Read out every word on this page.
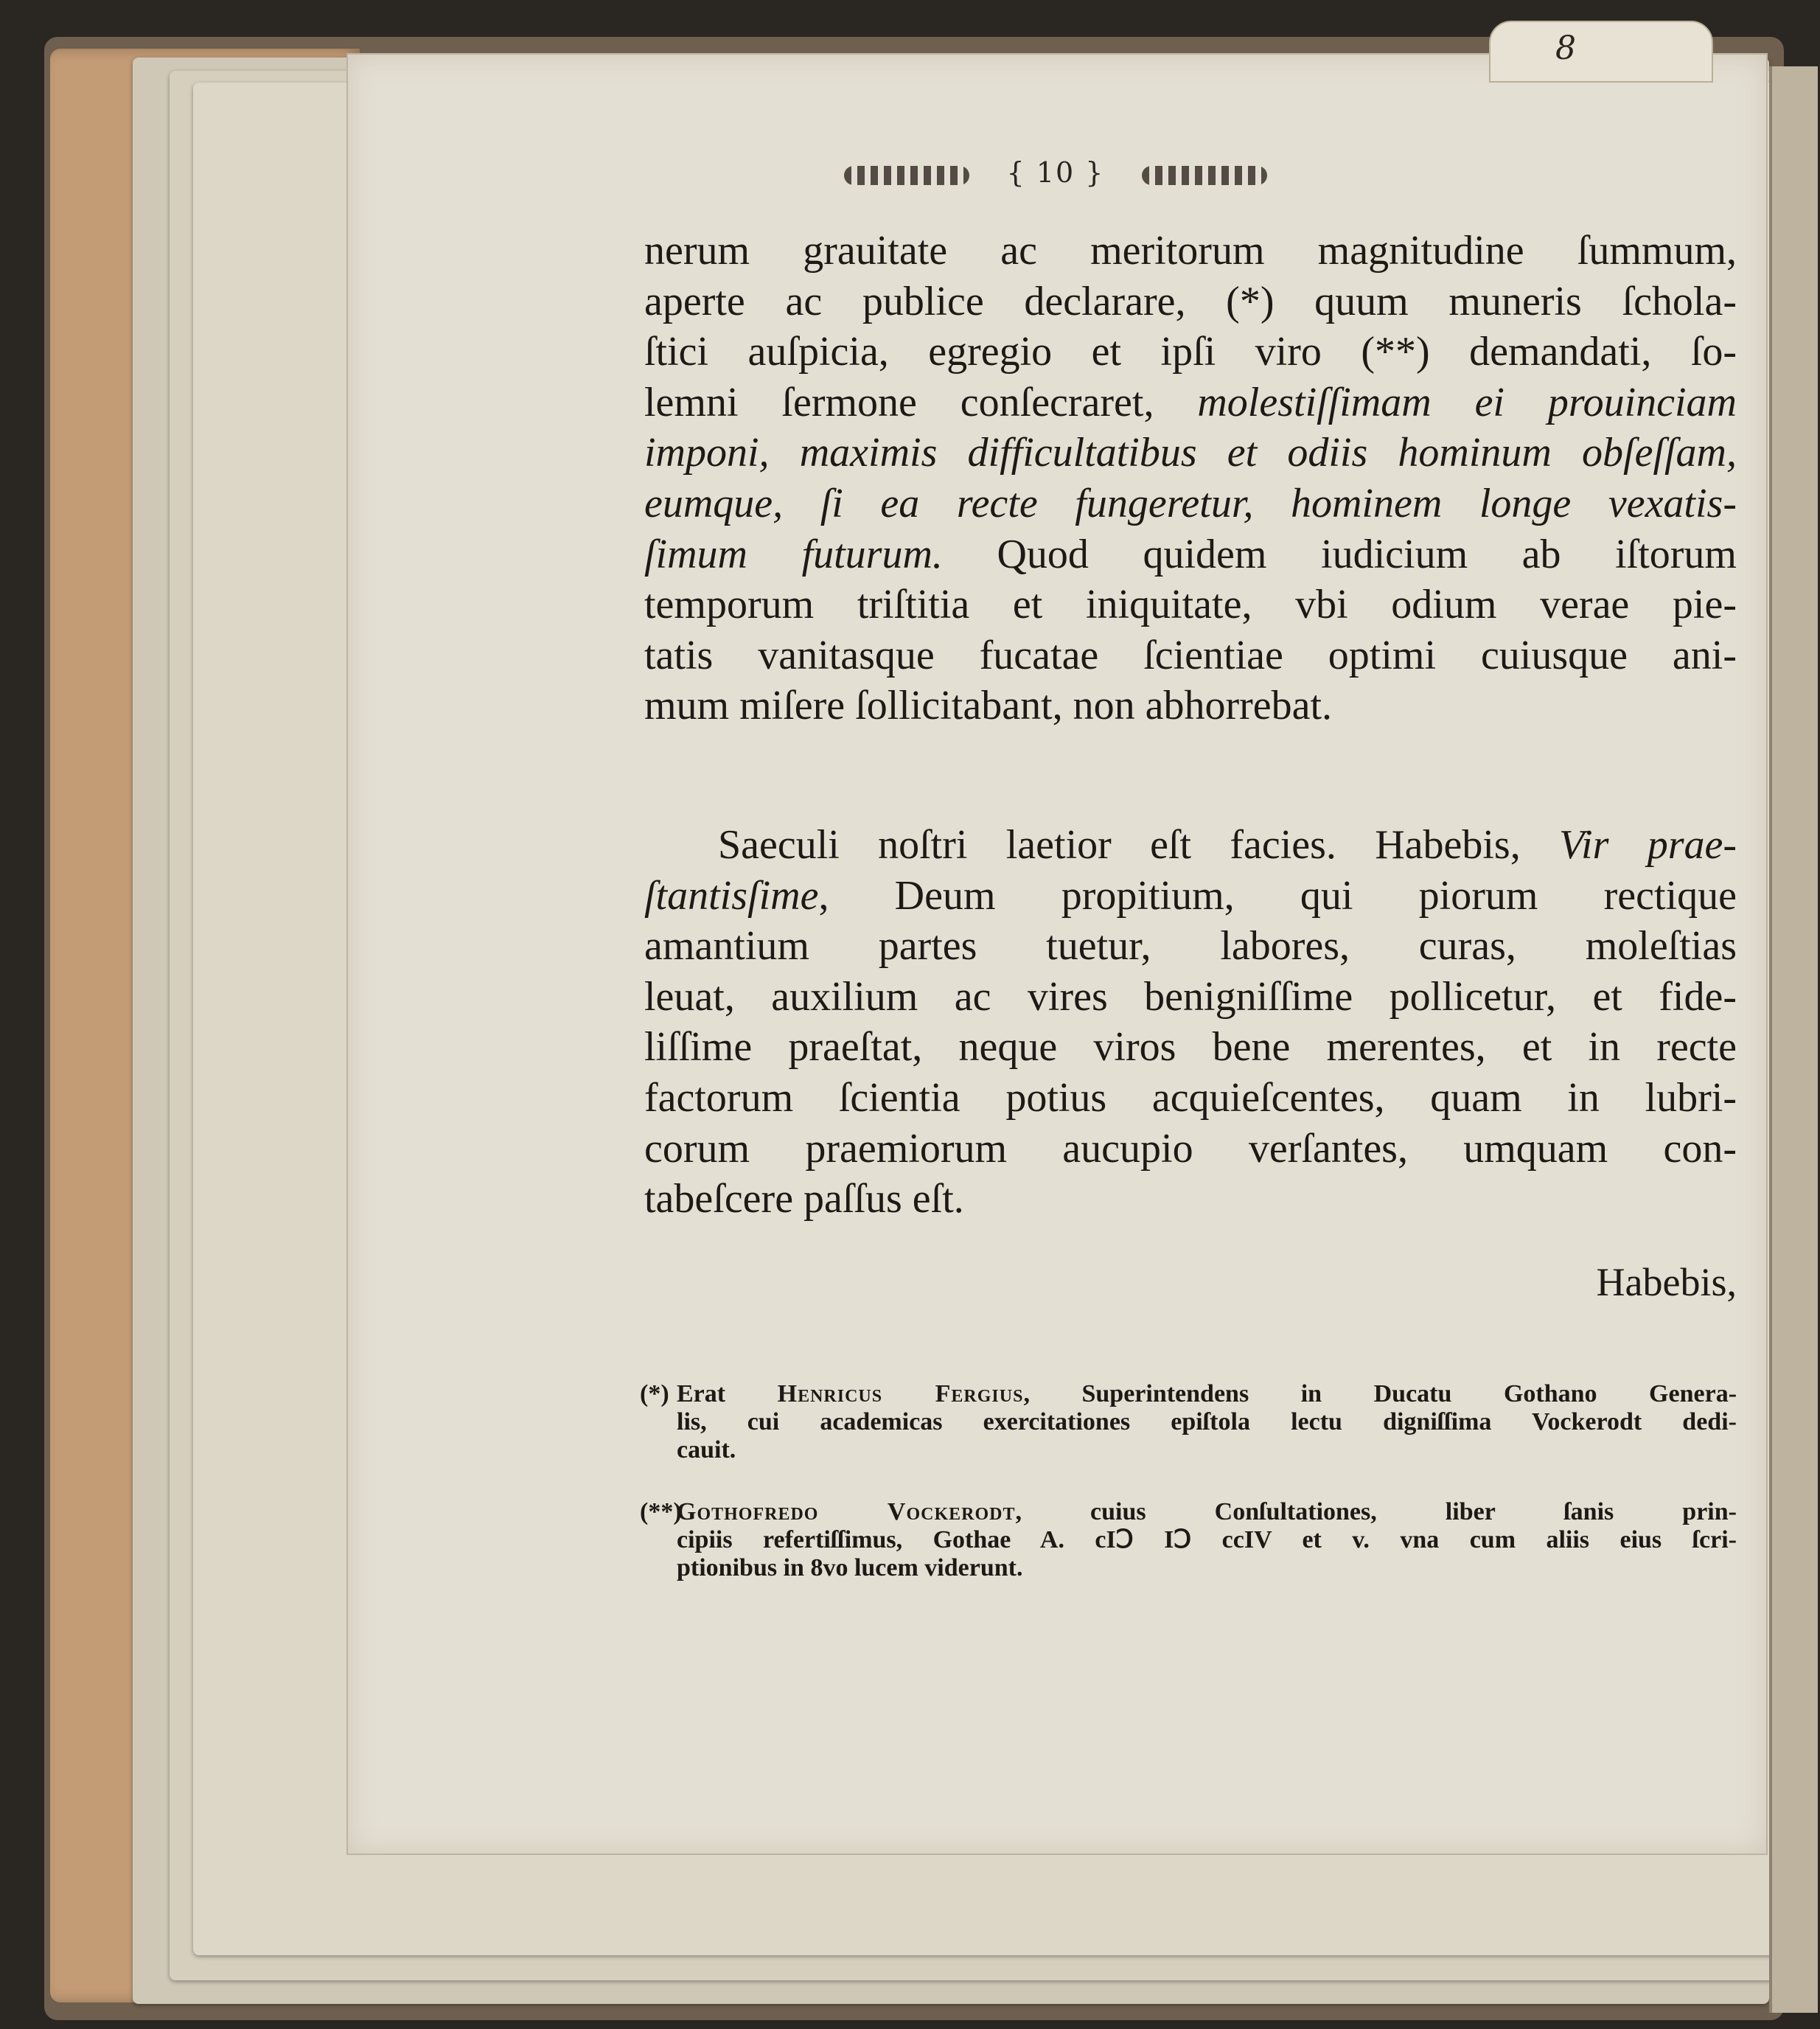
8
{ 10 }
nerum grauitate ac meritorum magnitudine ſummum,
aperte ac publice declarare, (*) quum muneris ſchola-
ſtici auſpicia, egregio et ipſi viro (**) demandati, ſo-
lemni ſermone conſecraret, molestiſſimam ei prouinciam
imponi, maximis difficultatibus et odiis hominum obſeſſam,
eumque, ſi ea recte fungeretur, hominem longe vexatis-
ſimum futurum. Quod quidem iudicium ab iſtorum
temporum triſtitia et iniquitate, vbi odium verae pie-
tatis vanitasque fucatae ſcientiae optimi cuiusque ani-
mum miſere ſollicitabant, non abhorrebat.
Saeculi noſtri laetior eſt facies. Habebis, Vir prae-
ſtantisſime, Deum propitium, qui piorum rectique
amantium partes tuetur, labores, curas, moleſtias
leuat, auxilium ac vires benigniſſime pollicetur, et fide-
liſſime praeſtat, neque viros bene merentes, et in recte
factorum ſcientia potius acquieſcentes, quam in lubri-
corum praemiorum aucupio verſantes, umquam con-
tabeſcere paſſus eſt.
Habebis,
(*) Erat Henricus Fergius, Superintendens in Ducatu Gothano Genera-
lis, cui academicas exercitationes epiſtola lectu digniſſima Vockerodt dedi-
cauit.
(**)
Gothofredo Vockerodt, cuius Conſultationes, liber ſanis prin-
cipiis refertiſſimus, Gothae A. cIↃ IↃ ccIV et v. vna cum aliis eius ſcri-
ptionibus in 8vo lucem viderunt.
